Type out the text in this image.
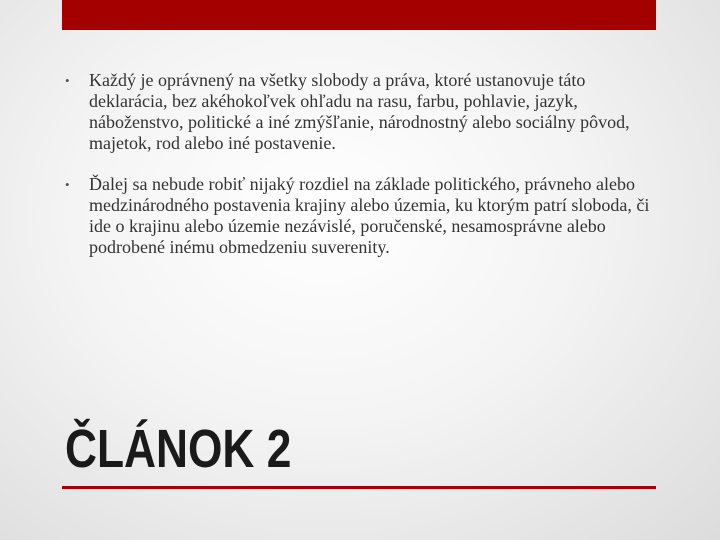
• Každý je oprávnený na všetky slobody a práva, ktoré ustanovuje táto deklarácia, bez akéhokoľvek ohľadu na rasu, farbu, pohlavie, jazyk, náboženstvo, politické a iné zmýšľanie, národnostný alebo sociálny pôvod, majetok, rod alebo iné postavenie.
• Ďalej sa nebude robiť nijaký rozdiel na základe politického, právneho alebo medzinárodného postavenia krajiny alebo územia, ku ktorým patrí sloboda, či ide o krajinu alebo územie nezávislé, poručenské, nesamosprávne alebo podrobené inému obmedzeniu suverenity.
ČLÁNOK 2
